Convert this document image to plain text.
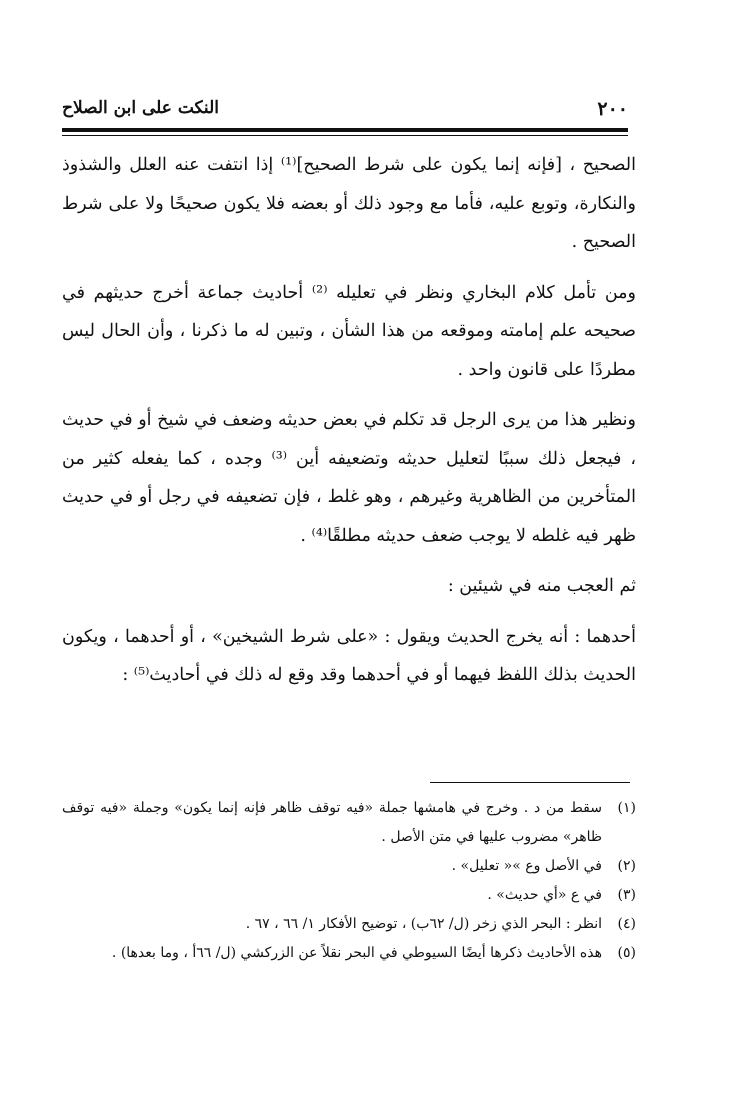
٢٠٠
النكت على ابن الصلاح

الصحيح ، [فإنه إنما يكون على شرط الصحيح]⁽¹⁾ إذا انتفت عنه العلل والشذوذ والنكارة، وتوبع عليه، فأما مع وجود ذلك أو بعضه فلا يكون صحيحًا ولا على شرط الصحيح .

ومن تأمل كلام البخاري ونظر في تعليله ⁽²⁾ أحاديث جماعة أخرج حديثهم في صحيحه علم إمامته وموقعه من هذا الشأن ، وتبين له ما ذكرنا ، وأن الحال ليس مطردًا على قانون واحد .

ونظير هذا من يرى الرجل قد تكلم في بعض حديثه وضعف في شيخ أو في حديث ، فيجعل ذلك سببًا لتعليل حديثه وتضعيفه أين ⁽³⁾ وجده ، كما يفعله كثير من المتأخرين من الظاهرية وغيرهم ، وهو غلط ، فإن تضعيفه في رجل أو في حديث ظهر فيه غلطه لا يوجب ضعف حديثه مطلقًا⁽⁴⁾ .

ثم العجب منه في شيئين :

أحدهما : أنه يخرج الحديث ويقول : «على شرط الشيخين» ، أو أحدهما ، ويكون الحديث بذلك اللفظ فيهما أو في أحدهما وقد وقع له ذلك في أحاديث⁽⁵⁾ :

(١)
سقط من د . وخرج في هامشها جملة «فيه توقف ظاهر فإنه إنما يكون» وجملة «فيه توقف ظاهر» مضروب عليها في متن الأصل .
(٢)
في الأصل وع »« تعليل» .
(٣)
في ع «أي حديث» .
(٤)
انظر : البحر الذي زخر (ل/ ٦٢ب) ، توضيح الأفكار ١/ ٦٦ ، ٦٧ .
(٥)
هذه الأحاديث ذكرها أيضًا السيوطي في البحر نقلاً عن الزركشي (ل/ ٦٦أ ، وما بعدها) .
